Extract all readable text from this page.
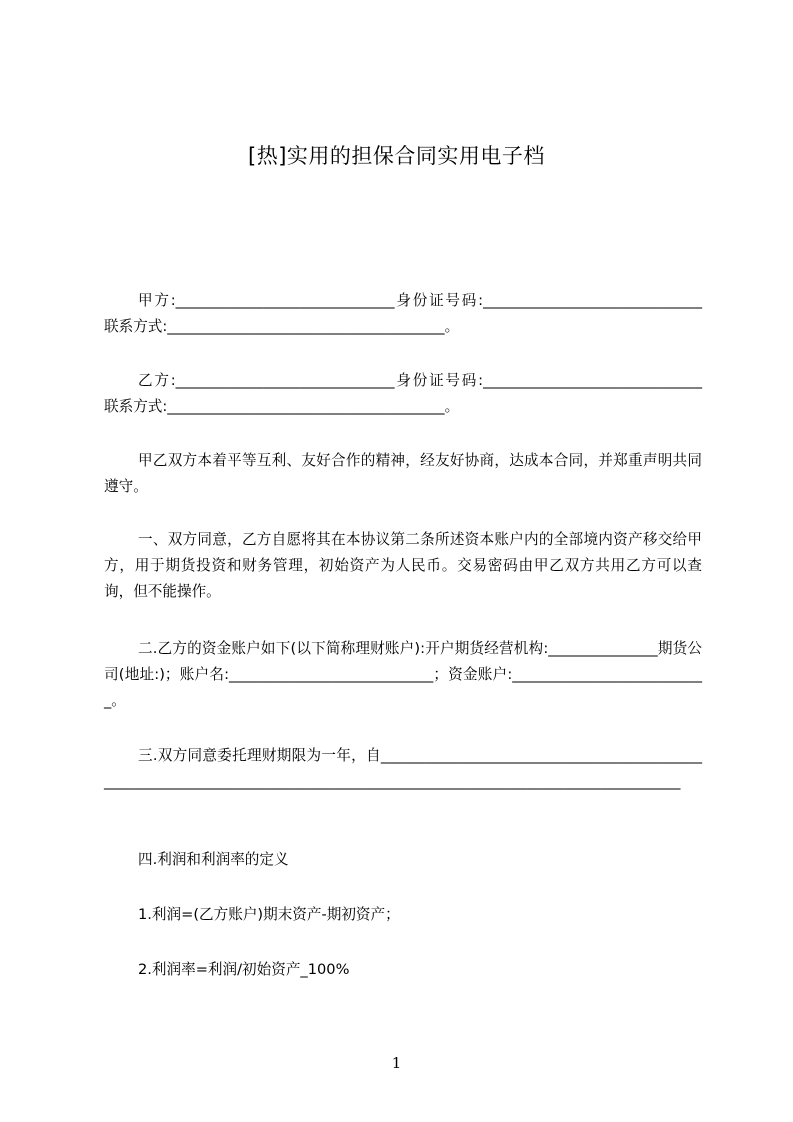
[热]实用的担保合同实用电子档
甲方:______________________________身份证号码:______________________________联系方式:______________________________________。
乙方:______________________________身份证号码:______________________________联系方式:______________________________________。
甲乙双方本着平等互利、友好合作的精神，经友好协商，达成本合同，并郑重声明共同遵守。
一、双方同意，乙方自愿将其在本协议第二条所述资本账户内的全部境内资产移交给甲方，用于期货投资和财务管理，初始资产为人民币。交易密码由甲乙双方共用乙方可以查询，但不能操作。
二.乙方的资金账户如下(以下简称理财账户):开户期货经营机构:_______________期货公司(地址:)；账户名:____________________________；资金账户:___________________________。
三.双方同意委托理财期限为一年，自___________________________________________________________________________________________________________________________
四.利润和利润率的定义
1.利润=(乙方账户)期末资产-期初资产；
2.利润率=利润/初始资产_100%
1
